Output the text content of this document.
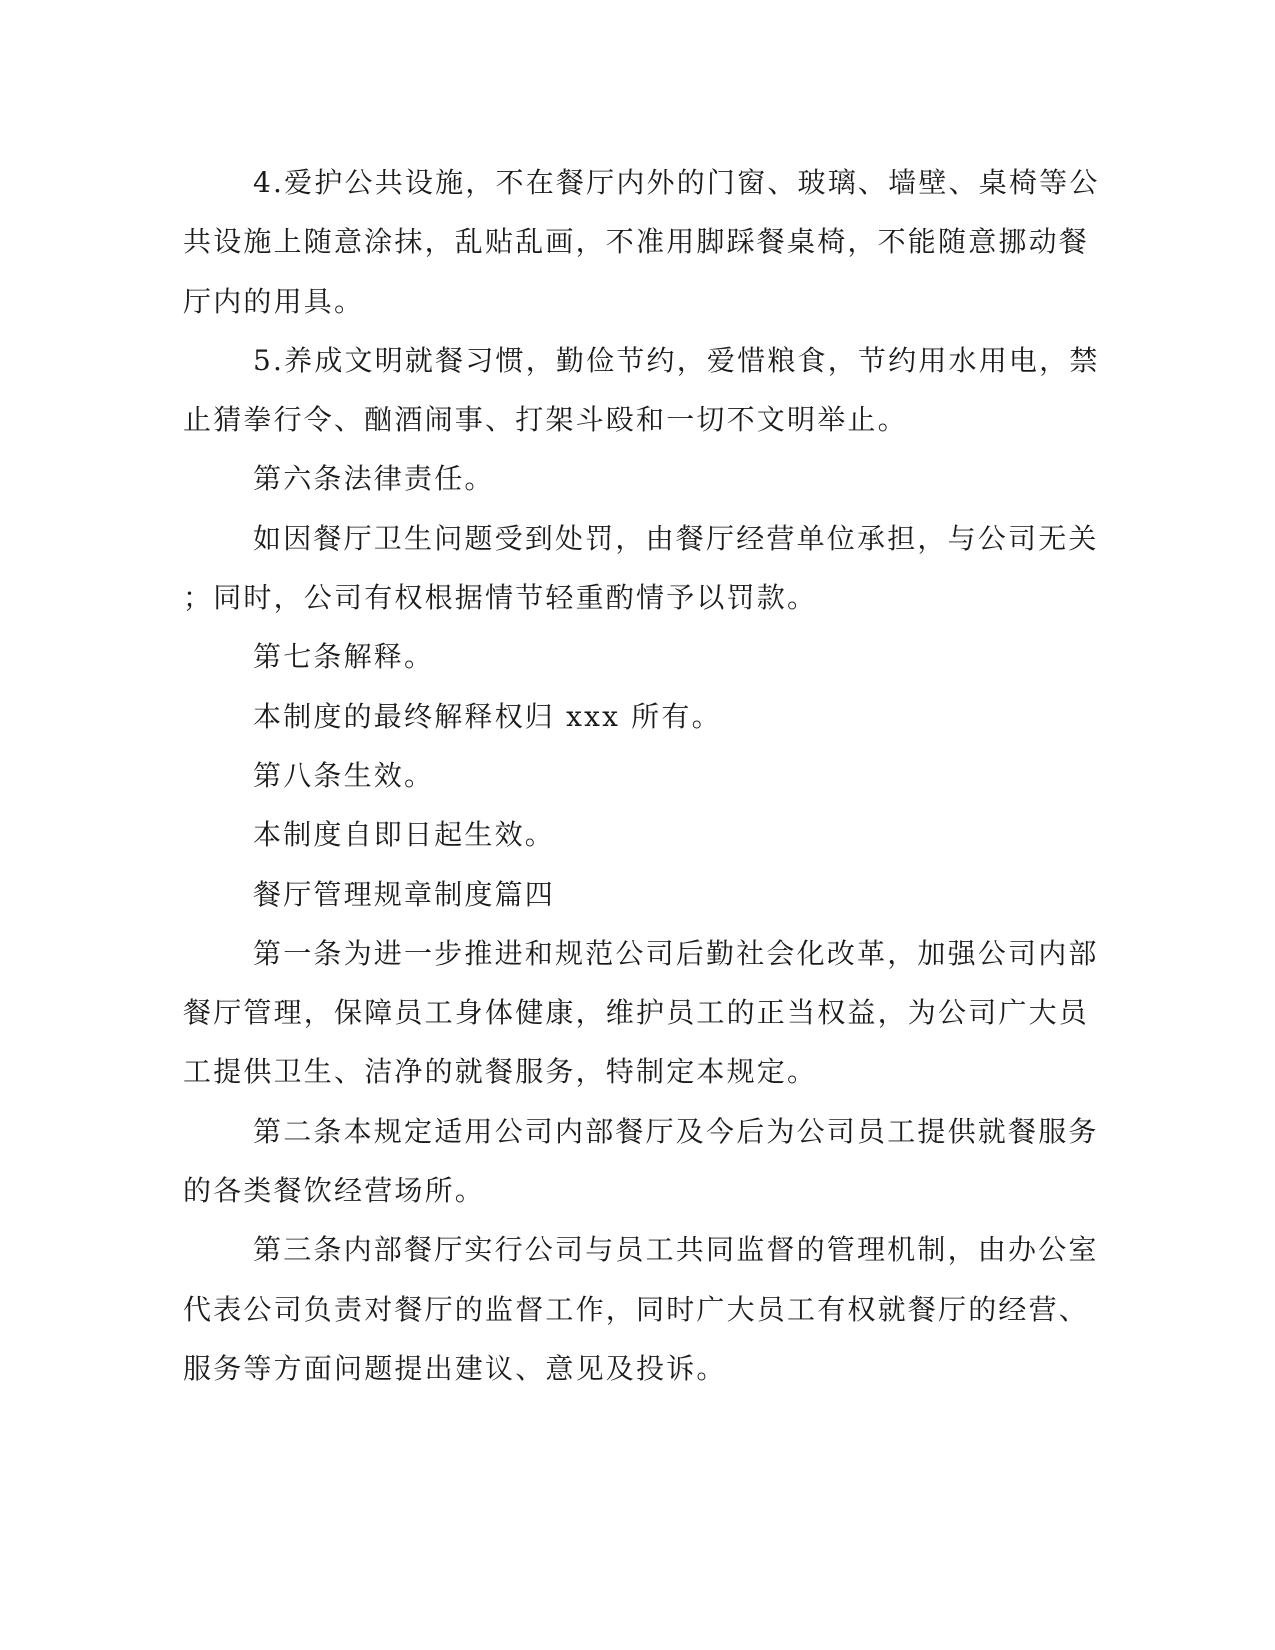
4.爱护公共设施，不在餐厅内外的门窗、玻璃、墙壁、桌椅等公
共设施上随意涂抹，乱贴乱画，不准用脚踩餐桌椅，不能随意挪动餐
厅内的用具。
5.养成文明就餐习惯，勤俭节约，爱惜粮食，节约用水用电，禁
止猜拳行令、酗酒闹事、打架斗殴和一切不文明举止。
第六条法律责任。
如因餐厅卫生问题受到处罚，由餐厅经营单位承担，与公司无关
；同时，公司有权根据情节轻重酌情予以罚款。
第七条解释。
本制度的最终解释权归 xxx 所有。
第八条生效。
本制度自即日起生效。
餐厅管理规章制度篇四
第一条为进一步推进和规范公司后勤社会化改革，加强公司内部
餐厅管理，保障员工身体健康，维护员工的正当权益，为公司广大员
工提供卫生、洁净的就餐服务，特制定本规定。
第二条本规定适用公司内部餐厅及今后为公司员工提供就餐服务
的各类餐饮经营场所。
第三条内部餐厅实行公司与员工共同监督的管理机制，由办公室
代表公司负责对餐厅的监督工作，同时广大员工有权就餐厅的经营、
服务等方面问题提出建议、意见及投诉。
